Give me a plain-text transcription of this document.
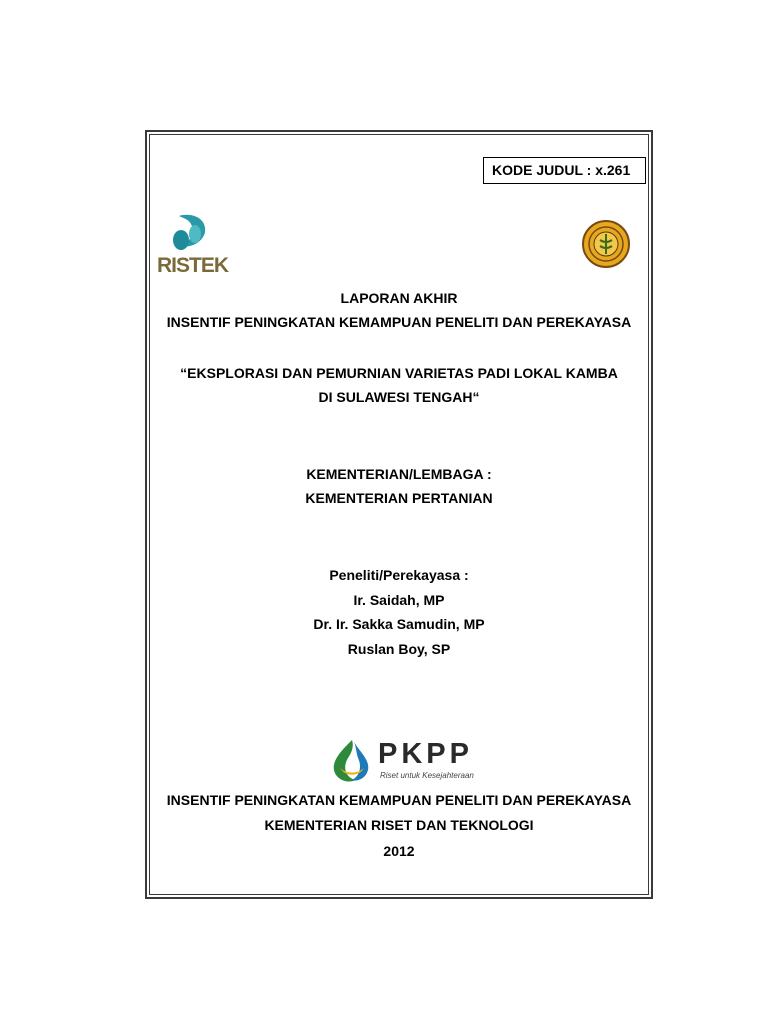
KODE JUDUL : x.261
RISTEK
LAPORAN AKHIR
INSENTIF PENINGKATAN KEMAMPUAN PENELITI DAN PEREKAYASA
“EKSPLORASI DAN PEMURNIAN VARIETAS PADI LOKAL KAMBA
DI SULAWESI TENGAH“
KEMENTERIAN/LEMBAGA :
KEMENTERIAN PERTANIAN
Peneliti/Perekayasa :
Ir. Saidah, MP
Dr. Ir. Sakka Samudin, MP
Ruslan Boy, SP
PKPP
Riset untuk Kesejahteraan
INSENTIF PENINGKATAN KEMAMPUAN PENELITI DAN PEREKAYASA
KEMENTERIAN RISET DAN TEKNOLOGI
2012
